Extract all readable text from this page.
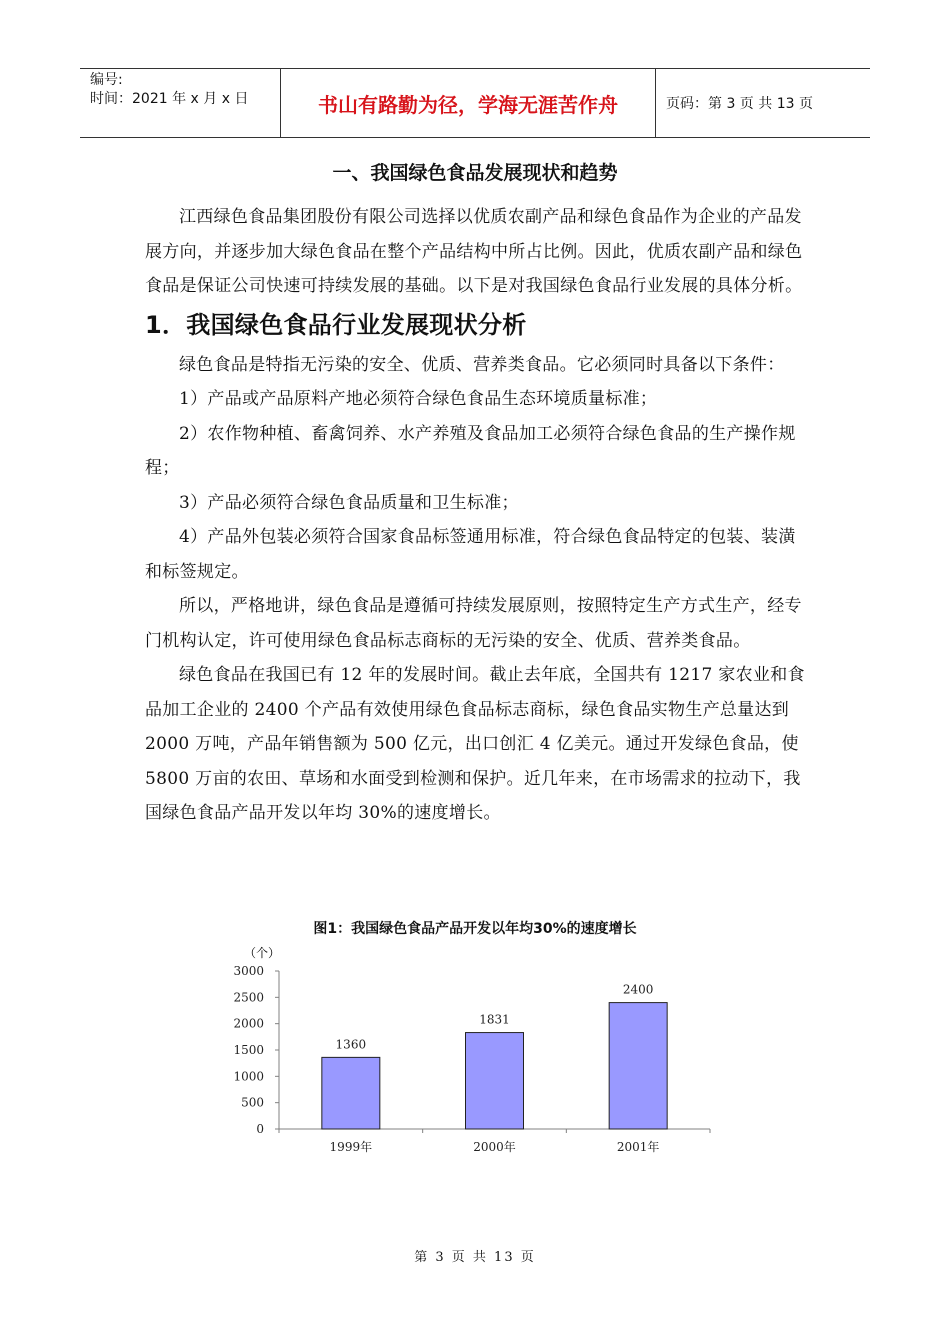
编号:
时间：2021 年 x 月 x 日	书山有路勤为径，学海无涯苦作舟	页码：第 3 页 共 13 页
一、我国绿色食品发展现状和趋势

江西绿色食品集团股份有限公司选择以优质农副产品和绿色食品作为企业的产品发展方向，并逐步加大绿色食品在整个产品结构中所占比例。因此，优质农副产品和绿色食品是保证公司快速可持续发展的基础。以下是对我国绿色食品行业发展的具体分析。

1．我国绿色食品行业发展现状分析

绿色食品是特指无污染的安全、优质、营养类食品。它必须同时具备以下条件：

1）产品或产品原料产地必须符合绿色食品生态环境质量标准；

2）农作物种植、畜禽饲养、水产养殖及食品加工必须符合绿色食品的生产操作规程；

3）产品必须符合绿色食品质量和卫生标准；

4）产品外包装必须符合国家食品标签通用标准，符合绿色食品特定的包装、装潢和标签规定。

所以，严格地讲，绿色食品是遵循可持续发展原则，按照特定生产方式生产，经专门机构认定，许可使用绿色食品标志商标的无污染的安全、优质、营养类食品。

绿色食品在我国已有 12 年的发展时间。截止去年底，全国共有 1217 家农业和食品加工企业的 2400 个产品有效使用绿色食品标志商标，绿色食品实物生产总量达到 2000 万吨，产品年销售额为 500 亿元，出口创汇 4 亿美元。通过开发绿色食品，使 5800 万亩的农田、草场和水面受到检测和保护。近几年来，在市场需求的拉动下，我国绿色食品产品开发以年均 30%的速度增长。

图1：我国绿色食品产品开发以年均30%的速度增长
（个）
0
500
1000
1500
2000
2500
3000
1999年	2000年	2001年
1360
1831
2400
第 3 页 共 13 页
